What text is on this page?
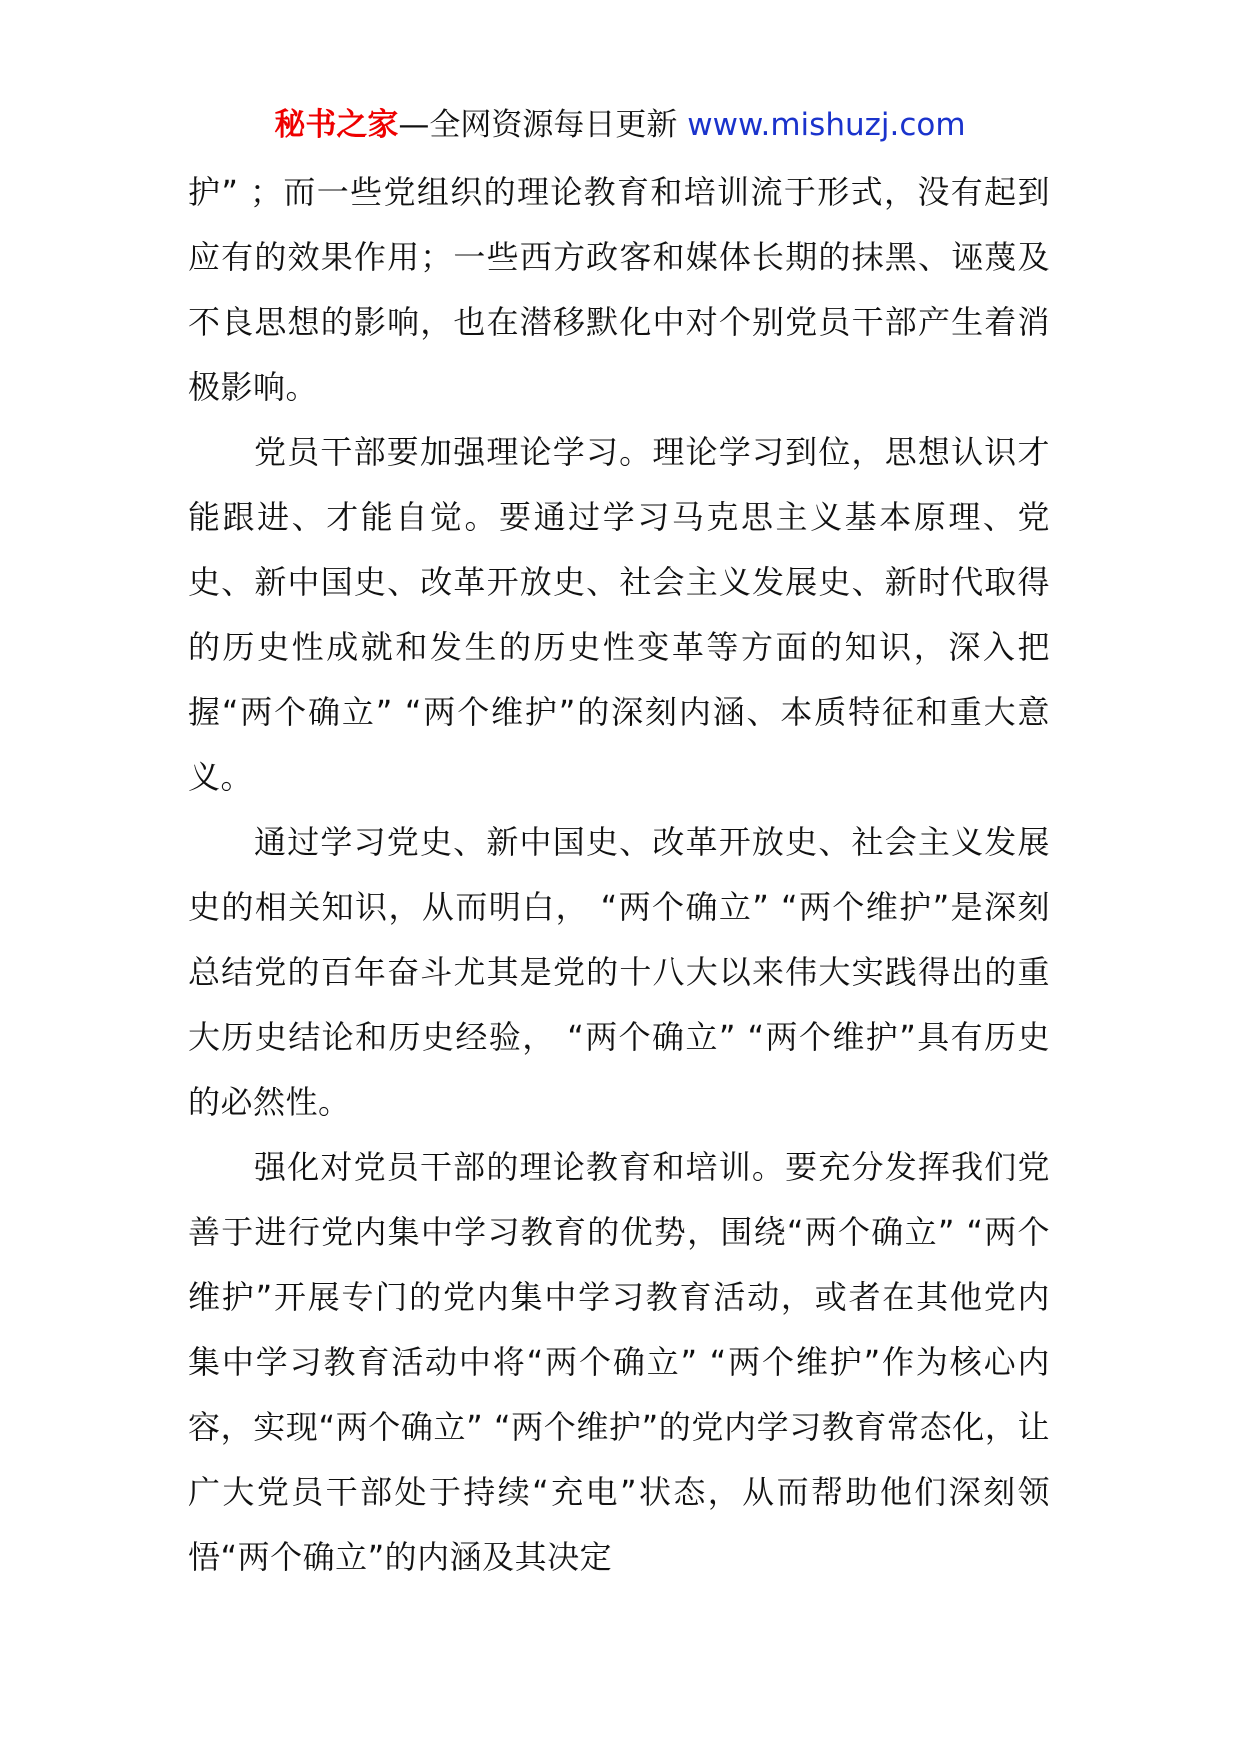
秘书之家—全网资源每日更新 www.mishuzj.com

护” ；而一些党组织的理论教育和培训流于形式，没有起到应有的效果作用；一些西方政客和媒体长期的抹黑、诬蔑及不良思想的影响，也在潜移默化中对个别党员干部产生着消极影响。

党员干部要加强理论学习。理论学习到位，思想认识才能跟进、才能自觉。要通过学习马克思主义基本原理、党史、新中国史、改革开放史、社会主义发展史、新时代取得的历史性成就和发生的历史性变革等方面的知识，深入把握“两个确立” “两个维护”的深刻内涵、本质特征和重大意义。

通过学习党史、新中国史、改革开放史、社会主义发展史的相关知识，从而明白， “两个确立” “两个维护”是深刻总结党的百年奋斗尤其是党的十八大以来伟大实践得出的重大历史结论和历史经验， “两个确立” “两个维护”具有历史的必然性。

强化对党员干部的理论教育和培训。要充分发挥我们党善于进行党内集中学习教育的优势，围绕“两个确立” “两个维护”开展专门的党内集中学习教育活动，或者在其他党内集中学习教育活动中将“两个确立” “两个维护”作为核心内容，实现“两个确立” “两个维护”的党内学习教育常态化，让广大党员干部处于持续“充电”状态，从而帮助他们深刻领悟“两个确立”的内涵及其决定
